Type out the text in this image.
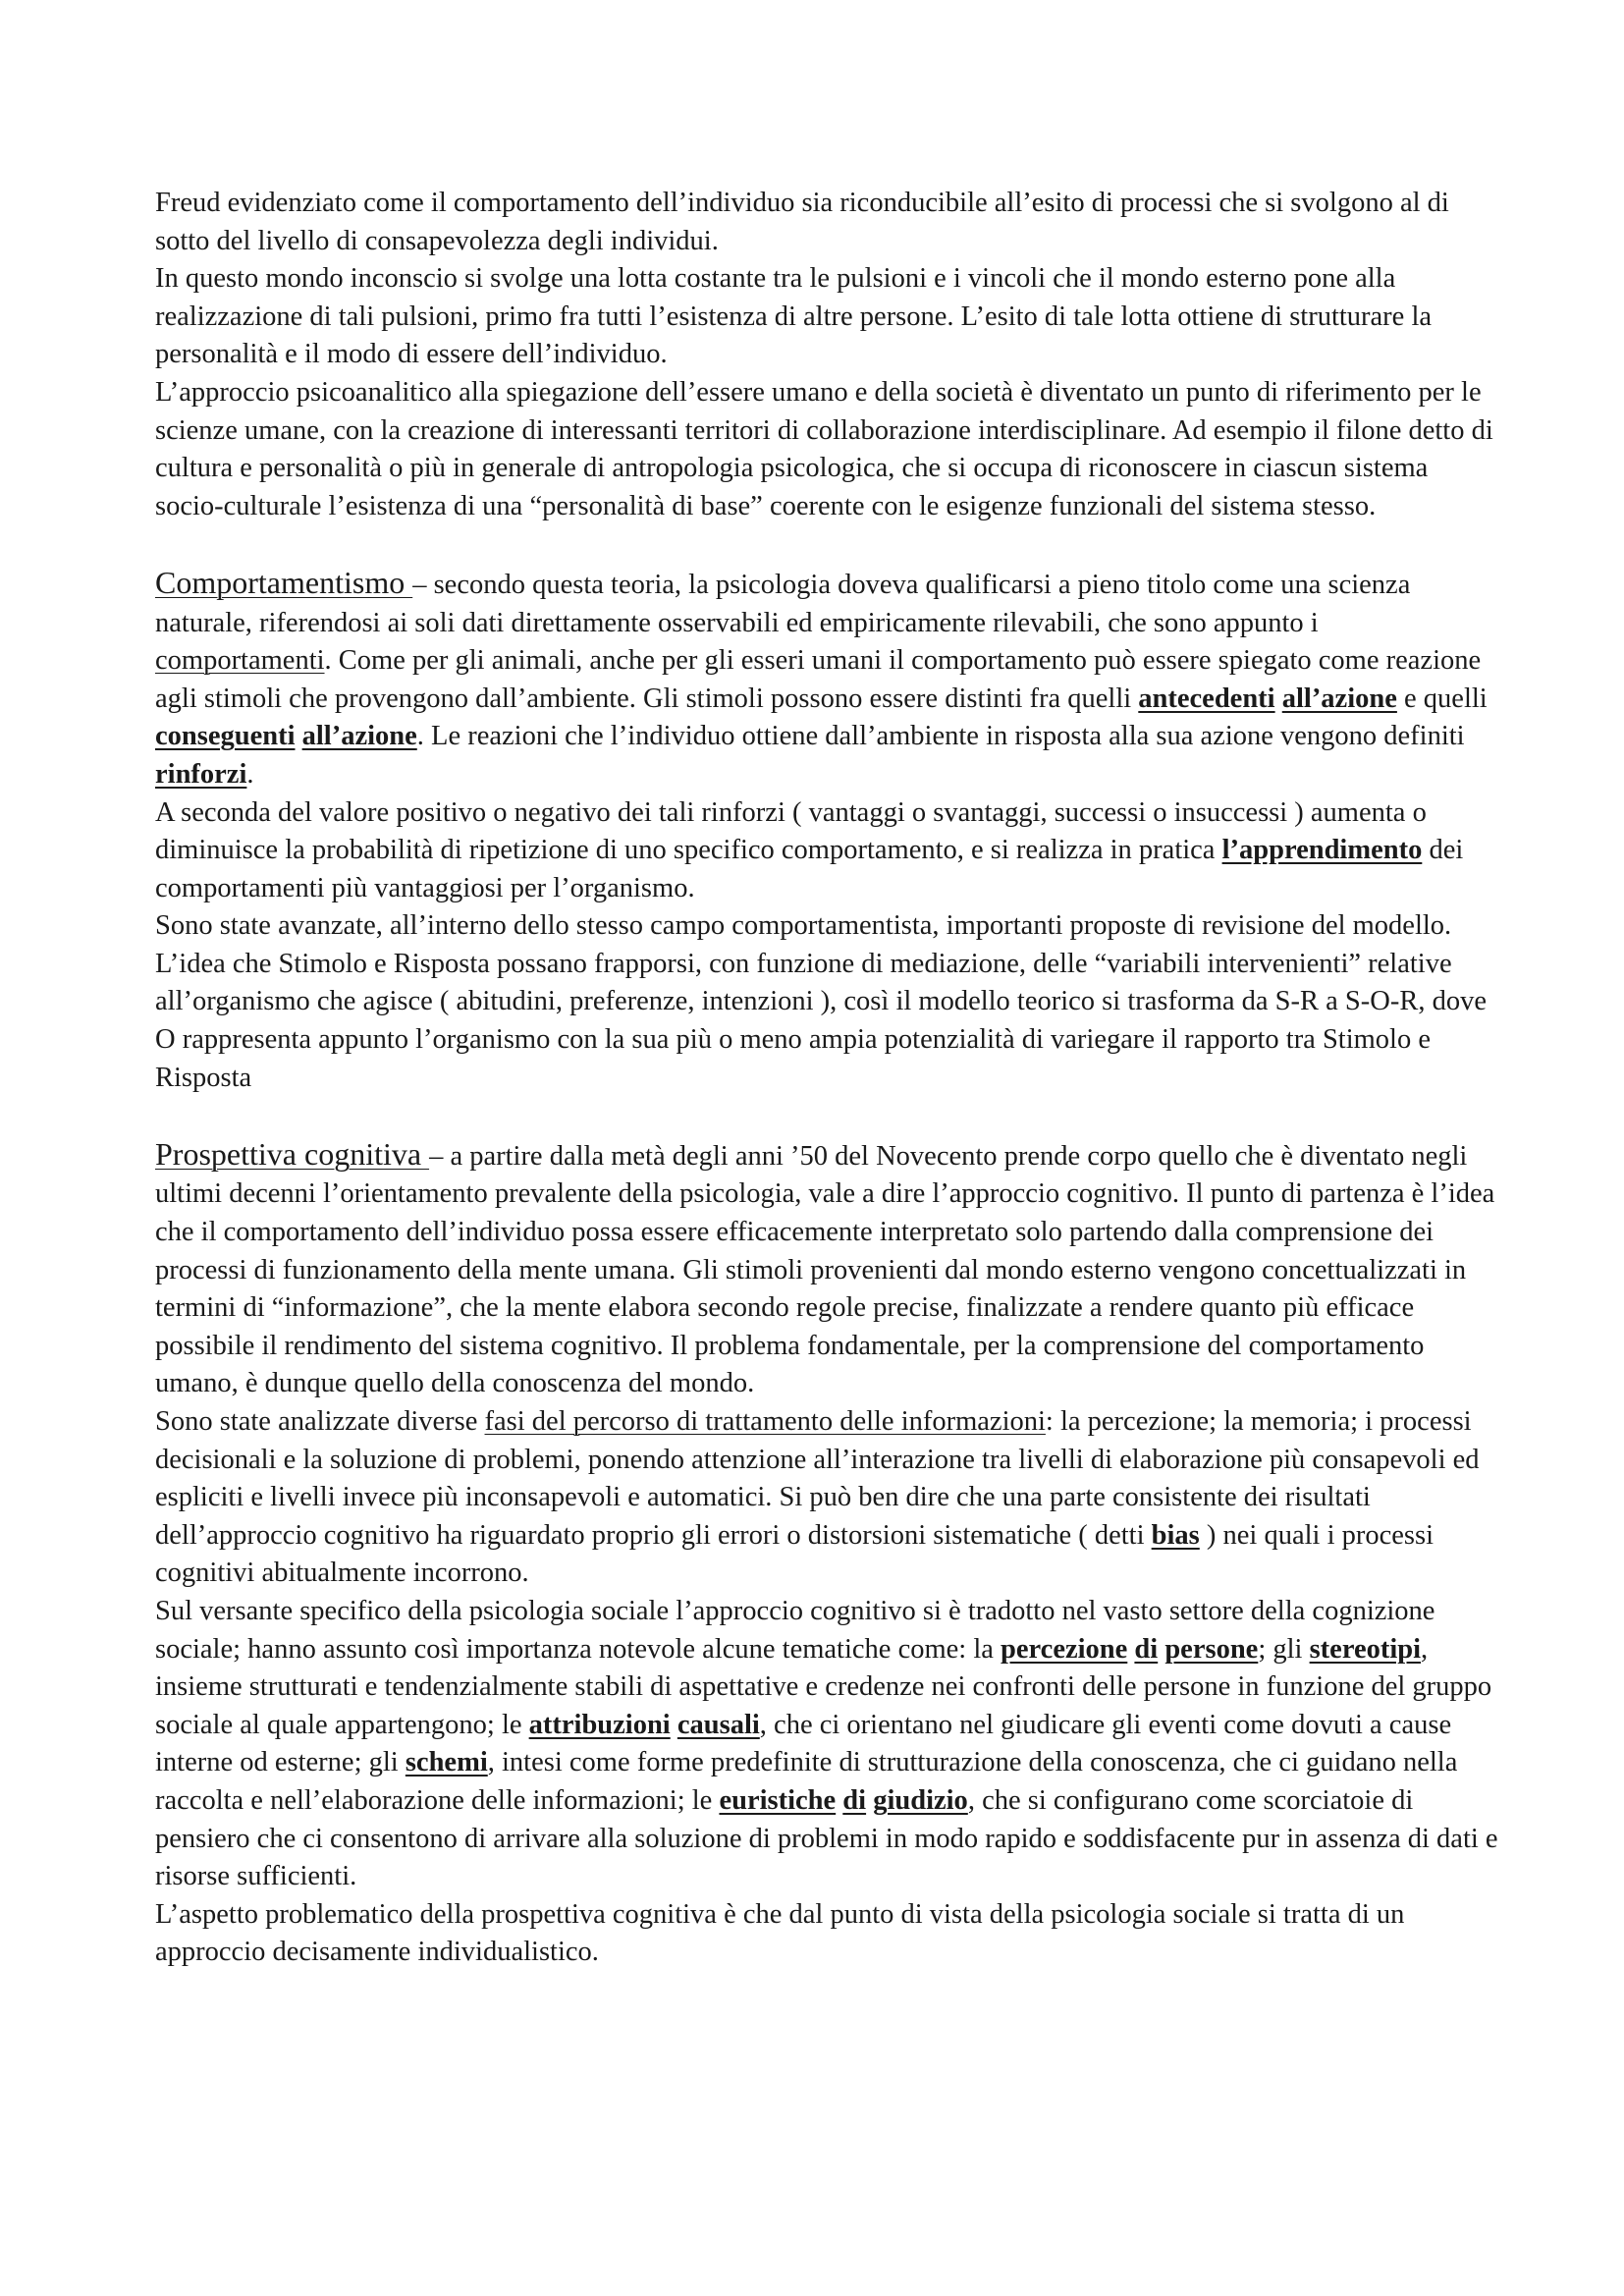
Freud evidenziato come il comportamento dell’individuo sia riconducibile all’esito di processi che si svolgono al di sotto del livello di consapevolezza degli individui.

In questo mondo inconscio si svolge una lotta costante tra le pulsioni e i vincoli che il mondo esterno pone alla realizzazione di tali pulsioni, primo fra tutti l’esistenza di altre persone. L’esito di tale lotta ottiene di strutturare la personalità e il modo di essere dell’individuo.

L’approccio psicoanalitico alla spiegazione dell’essere umano e della società è diventato un punto di riferimento per le scienze umane, con la creazione di interessanti territori di collaborazione interdisciplinare. Ad esempio il filone detto di cultura e personalità o più in generale di antropologia psicologica, che si occupa di riconoscere in ciascun sistema socio-culturale l’esistenza di una “personalità di base” coerente con le esigenze funzionali del sistema stesso.

Comportamentismo – secondo questa teoria, la psicologia doveva qualificarsi a pieno titolo come una scienza naturale, riferendosi ai soli dati direttamente osservabili ed empiricamente rilevabili, che sono appunto i comportamenti. Come per gli animali, anche per gli esseri umani il comportamento può essere spiegato come reazione agli stimoli che provengono dall’ambiente. Gli stimoli possono essere distinti fra quelli antecedenti all’azione e quelli conseguenti all’azione. Le reazioni che l’individuo ottiene dall’ambiente in risposta alla sua azione vengono definiti rinforzi.

A seconda del valore positivo o negativo dei tali rinforzi ( vantaggi o svantaggi, successi o insuccessi ) aumenta o diminuisce la probabilità di ripetizione di uno specifico comportamento, e si realizza in pratica l’apprendimento dei comportamenti più vantaggiosi per l’organismo.

Sono state avanzate, all’interno dello stesso campo comportamentista, importanti proposte di revisione del modello. L’idea che Stimolo e Risposta possano frapporsi, con funzione di mediazione, delle “variabili intervenienti” relative all’organismo che agisce ( abitudini, preferenze, intenzioni ), così il modello teorico si trasforma da S-R a S-O-R, dove O rappresenta appunto l’organismo con la sua più o meno ampia potenzialità di variegare il rapporto tra Stimolo e Risposta

Prospettiva cognitiva – a partire dalla metà degli anni ’50 del Novecento prende corpo quello che è diventato negli ultimi decenni l’orientamento prevalente della psicologia, vale a dire l’approccio cognitivo. Il punto di partenza è l’idea che il comportamento dell’individuo possa essere efficacemente interpretato solo partendo dalla comprensione dei processi di funzionamento della mente umana. Gli stimoli provenienti dal mondo esterno vengono concettualizzati in termini di “informazione”, che la mente elabora secondo regole precise, finalizzate a rendere quanto più efficace possibile il rendimento del sistema cognitivo. Il problema fondamentale, per la comprensione del comportamento umano, è dunque quello della conoscenza del mondo.

Sono state analizzate diverse fasi del percorso di trattamento delle informazioni: la percezione; la memoria; i processi decisionali e la soluzione di problemi, ponendo attenzione all’interazione tra livelli di elaborazione più consapevoli ed espliciti e livelli invece più inconsapevoli e automatici. Si può ben dire che una parte consistente dei risultati dell’approccio cognitivo ha riguardato proprio gli errori o distorsioni sistematiche ( detti bias ) nei quali i processi cognitivi abitualmente incorrono.

Sul versante specifico della psicologia sociale l’approccio cognitivo si è tradotto nel vasto settore della cognizione sociale; hanno assunto così importanza notevole alcune tematiche come: la percezione di persone; gli stereotipi, insieme strutturati e tendenzialmente stabili di aspettative e credenze nei confronti delle persone in funzione del gruppo sociale al quale appartengono; le attribuzioni causali, che ci orientano nel giudicare gli eventi come dovuti a cause interne od esterne; gli schemi, intesi come forme predefinite di strutturazione della conoscenza, che ci guidano nella raccolta e nell’elaborazione delle informazioni; le euristiche di giudizio, che si configurano come scorciatoie di pensiero che ci consentono di arrivare alla soluzione di problemi in modo rapido e soddisfacente pur in assenza di dati e risorse sufficienti.

L’aspetto problematico della prospettiva cognitiva è che dal punto di vista della psicologia sociale si tratta di un approccio decisamente individualistico.
